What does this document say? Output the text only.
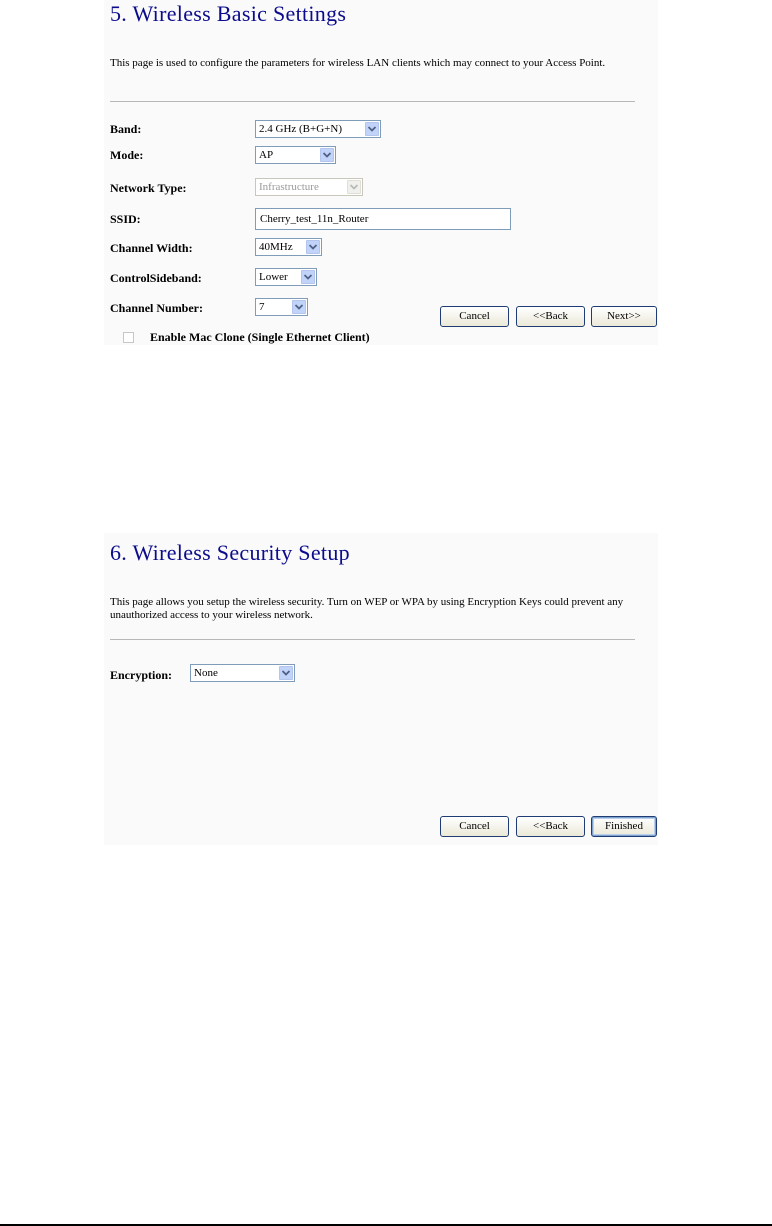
5. Wireless Basic Settings

This page is used to configure the parameters for wireless LAN clients which may connect to your Access Point.

Band:	2.4 GHz (B+G+N)
Mode:	AP
Network Type:	Infrastructure
SSID:	Cherry_test_11n_Router
Channel Width:	40MHz
ControlSideband:	Lower
Channel Number:	7
Enable Mac Clone (Single Ethernet Client)
Cancel	<<Back	Next>>
6. Wireless Security Setup

This page allows you setup the wireless security. Turn on WEP or WPA by using Encryption Keys could prevent any unauthorized access to your wireless network.

Encryption:	None
Cancel	<<Back	Finished
